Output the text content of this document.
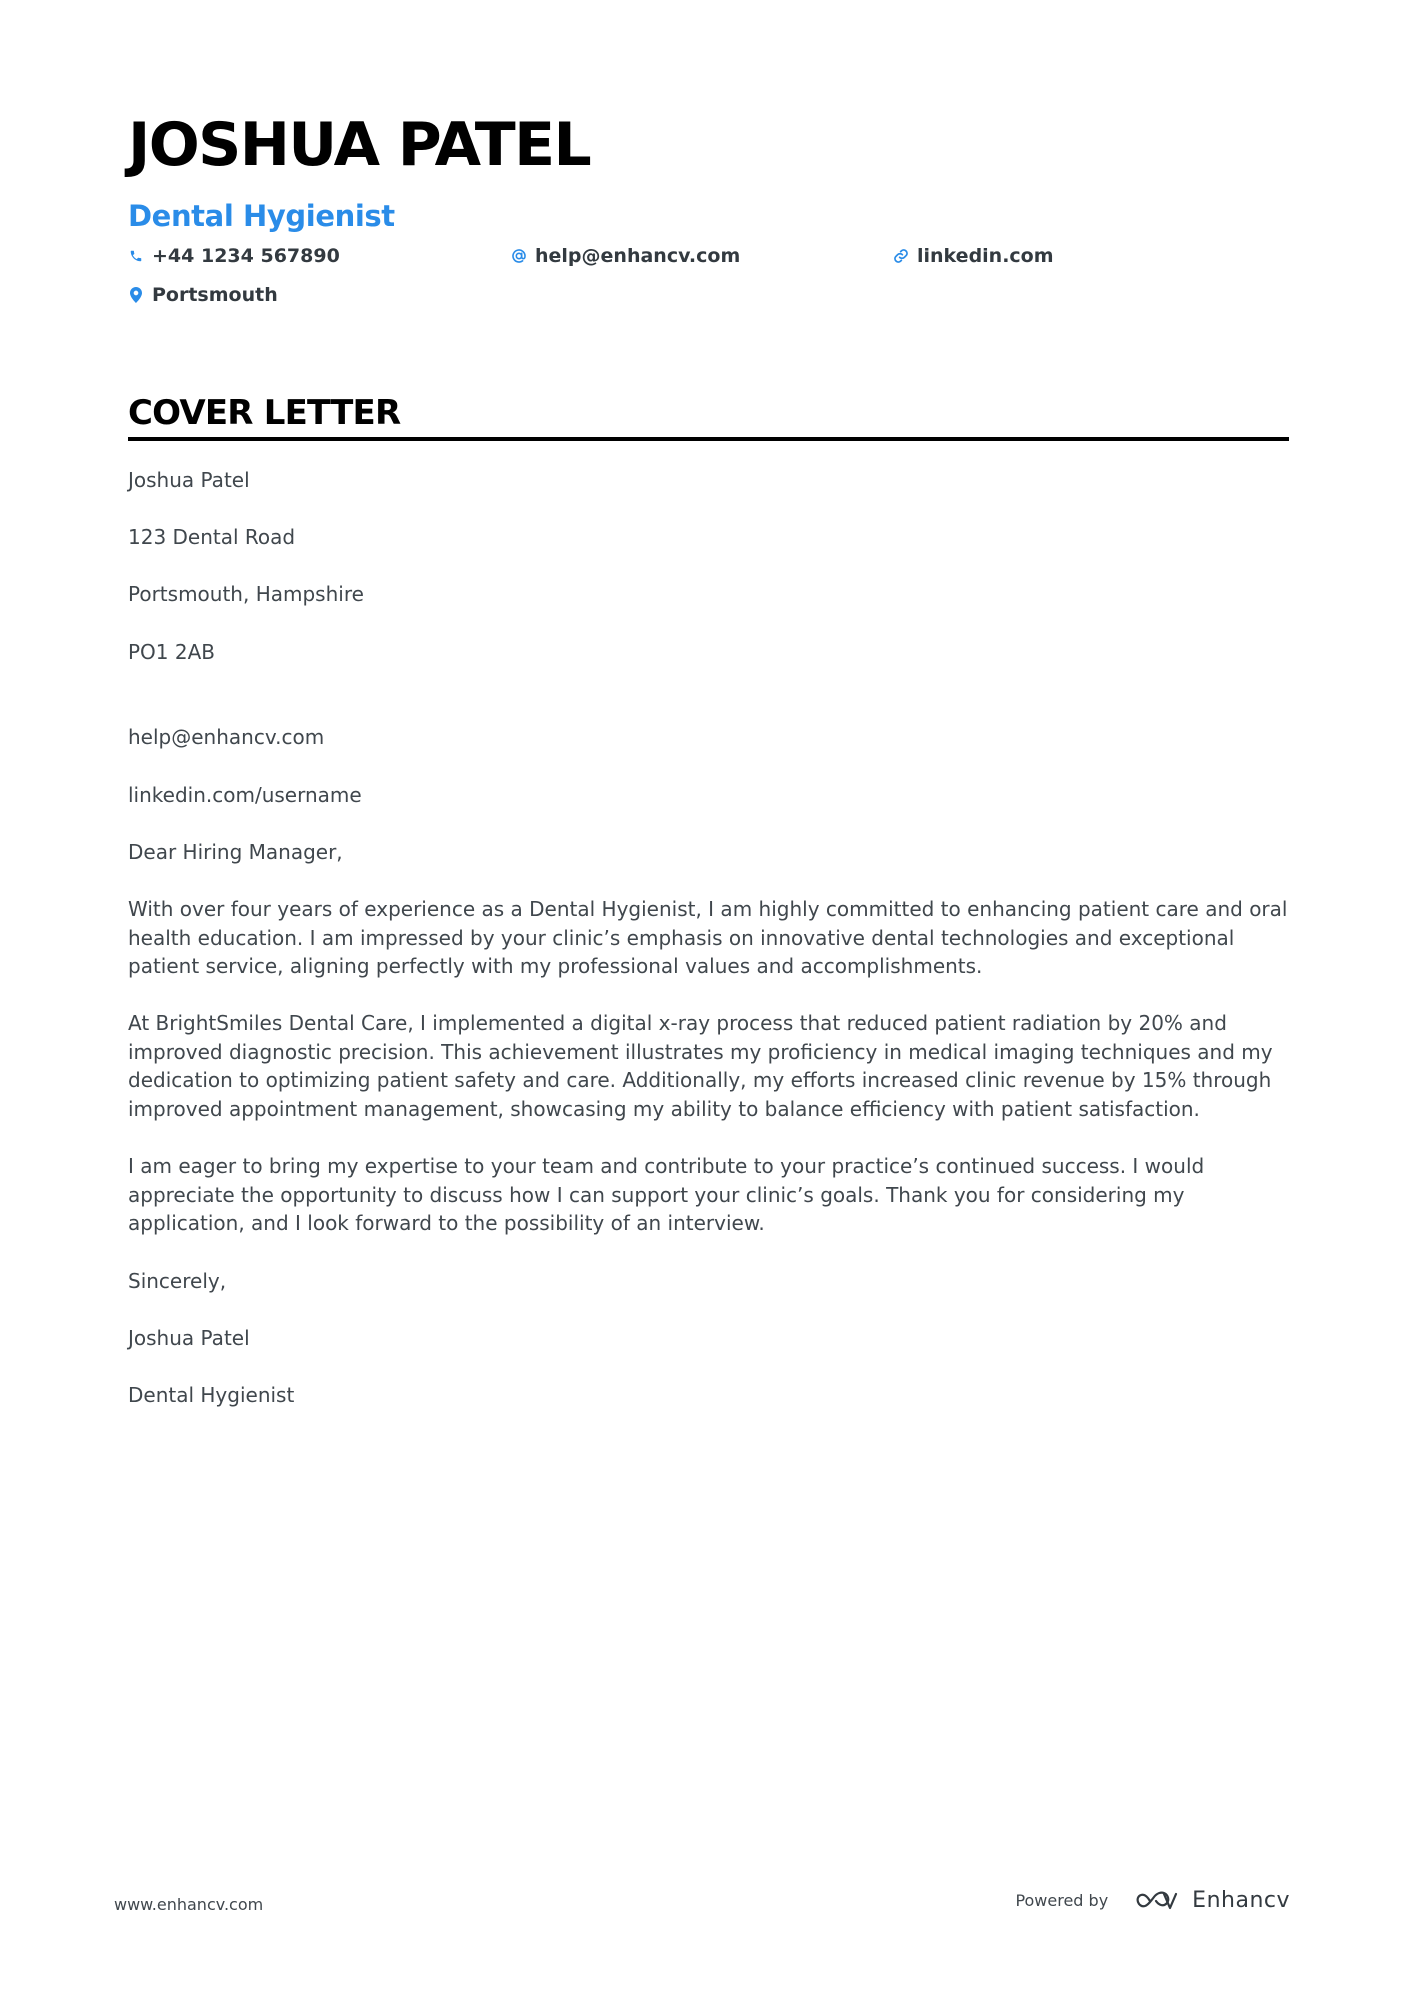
JOSHUA PATEL
Dental Hygienist
+44 1234 567890	help@enhancv.com	linkedin.com
Portsmouth
COVER LETTER

Joshua Patel

123 Dental Road

Portsmouth, Hampshire

PO1 2AB

help@enhancv.com

linkedin.com/username

Dear Hiring Manager,

With over four years of experience as a Dental Hygienist, I am highly committed to enhancing patient care and oral health education. I am impressed by your clinic’s emphasis on innovative dental technologies and exceptional patient service, aligning perfectly with my professional values and accomplishments.

At BrightSmiles Dental Care, I implemented a digital x-ray process that reduced patient radiation by 20% and improved diagnostic precision. This achievement illustrates my proficiency in medical imaging techniques and my dedication to optimizing patient safety and care. Additionally, my efforts increased clinic revenue by 15% through improved appointment management, showcasing my ability to balance efficiency with patient satisfaction.

I am eager to bring my expertise to your team and contribute to your practice’s continued success. I would appreciate the opportunity to discuss how I can support your clinic’s goals. Thank you for considering my application, and I look forward to the possibility of an interview.

Sincerely,

Joshua Patel

Dental Hygienist

www.enhancv.com	Powered by	Enhancv
